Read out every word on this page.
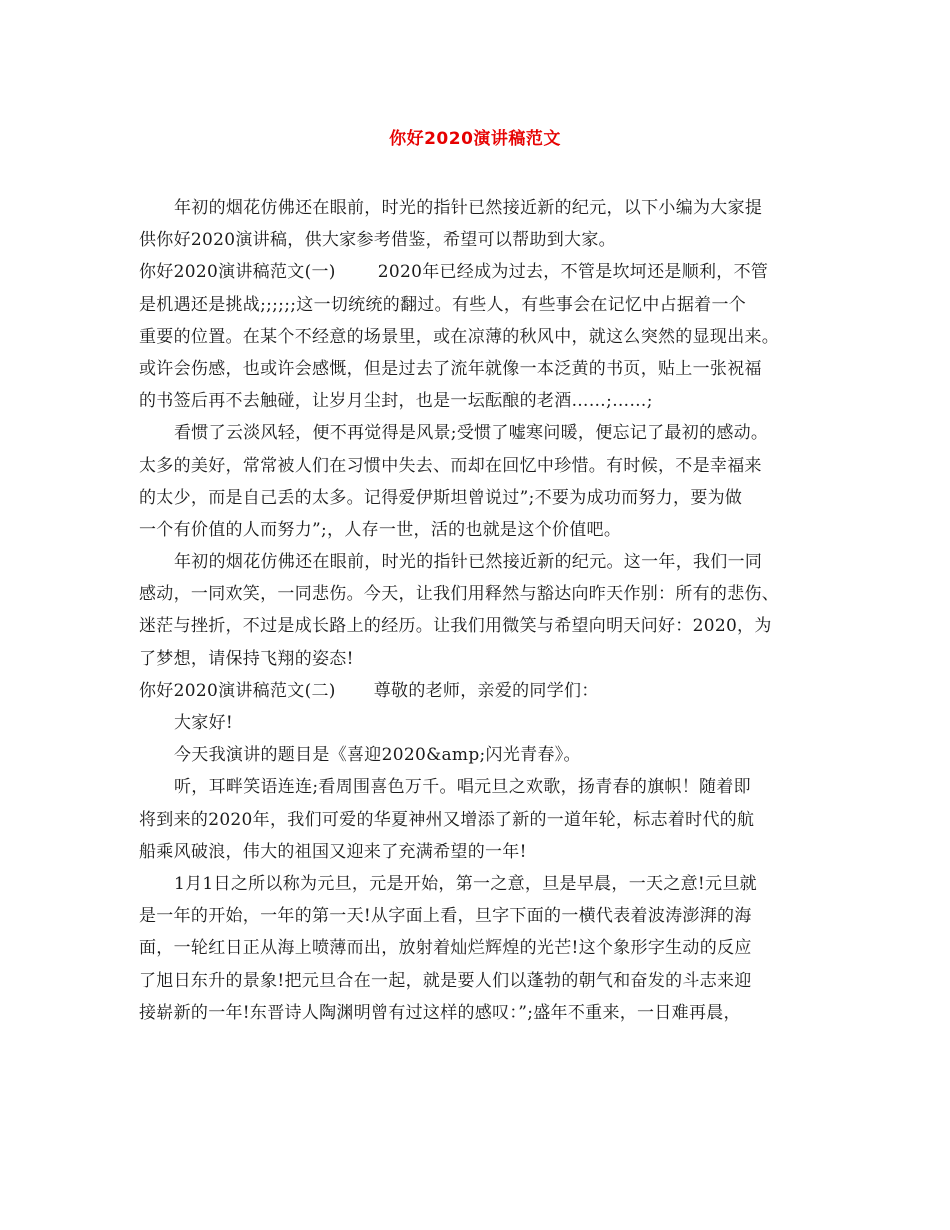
你好2020演讲稿范文
年初的烟花仿佛还在眼前，时光的指针已然接近新的纪元，以下小编为大家提
供你好2020演讲稿，供大家参考借鉴，希望可以帮助到大家。
你好2020演讲稿范文(一) 2020年已经成为过去，不管是坎坷还是顺利，不管
是机遇还是挑战;;;;;;这一切统统的翻过。有些人，有些事会在记忆中占据着一个
重要的位置。在某个不经意的场景里，或在凉薄的秋风中，就这么突然的显现出来。
或许会伤感，也或许会感慨，但是过去了流年就像一本泛黄的书页，贴上一张祝福
的书签后再不去触碰，让岁月尘封，也是一坛酝酿的老酒……;……;
看惯了云淡风轻，便不再觉得是风景;受惯了嘘寒问暖，便忘记了最初的感动。
太多的美好，常常被人们在习惯中失去、而却在回忆中珍惜。有时候，不是幸福来
的太少，而是自己丢的太多。记得爱伊斯坦曾说过”;不要为成功而努力，要为做
一个有价值的人而努力”;，人存一世，活的也就是这个价值吧。
年初的烟花仿佛还在眼前，时光的指针已然接近新的纪元。这一年，我们一同
感动，一同欢笑，一同悲伤。今天，让我们用释然与豁达向昨天作别：所有的悲伤、
迷茫与挫折，不过是成长路上的经历。让我们用微笑与希望向明天问好：2020，为
了梦想，请保持飞翔的姿态!
你好2020演讲稿范文(二) 尊敬的老师，亲爱的同学们：
大家好!
今天我演讲的题目是《喜迎2020&amp;闪光青春》。
听，耳畔笑语连连;看周围喜色万千。唱元旦之欢歌，扬青春的旗帜！随着即
将到来的2020年，我们可爱的华夏神州又增添了新的一道年轮，标志着时代的航
船乘风破浪，伟大的祖国又迎来了充满希望的一年!
1月1日之所以称为元旦，元是开始，第一之意，旦是早晨，一天之意!元旦就
是一年的开始，一年的第一天!从字面上看，旦字下面的一横代表着波涛澎湃的海
面，一轮红日正从海上喷薄而出，放射着灿烂辉煌的光芒!这个象形字生动的反应
了旭日东升的景象!把元旦合在一起，就是要人们以蓬勃的朝气和奋发的斗志来迎
接崭新的一年!东晋诗人陶渊明曾有过这样的感叹：”;盛年不重来，一日难再晨，
